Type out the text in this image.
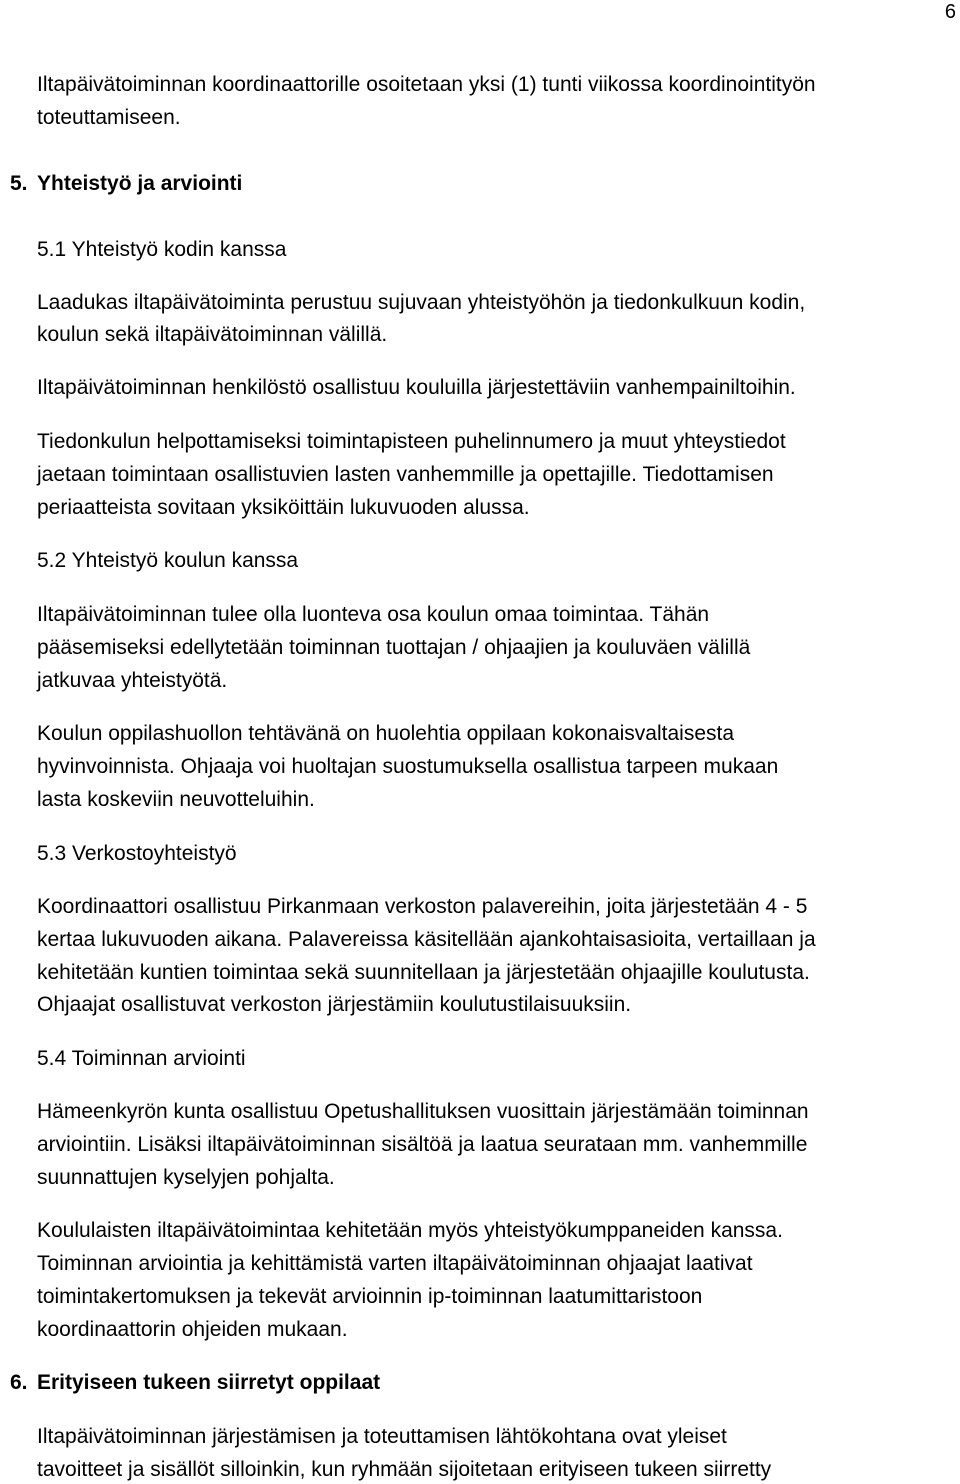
6
Iltapäivätoiminnan koordinaattorille osoitetaan yksi (1) tunti viikossa koordinointityön
toteuttamiseen.
5. Yhteistyö ja arviointi
5.1 Yhteistyö kodin kanssa
Laadukas iltapäivätoiminta perustuu sujuvaan yhteistyöhön ja tiedonkulkuun kodin,
koulun sekä iltapäivätoiminnan välillä.
Iltapäivätoiminnan henkilöstö osallistuu kouluilla järjestettäviin vanhempainiltoihin.
Tiedonkulun helpottamiseksi toimintapisteen puhelinnumero ja muut yhteystiedot
jaetaan toimintaan osallistuvien lasten vanhemmille ja opettajille. Tiedottamisen
periaatteista sovitaan yksiköittäin lukuvuoden alussa.
5.2 Yhteistyö koulun kanssa
Iltapäivätoiminnan tulee olla luonteva osa koulun omaa toimintaa. Tähän
pääsemiseksi edellytetään toiminnan tuottajan / ohjaajien ja kouluväen välillä
jatkuvaa yhteistyötä.
Koulun oppilashuollon tehtävänä on huolehtia oppilaan kokonaisvaltaisesta
hyvinvoinnista. Ohjaaja voi huoltajan suostumuksella osallistua tarpeen mukaan
lasta koskeviin neuvotteluihin.
5.3 Verkostoyhteistyö
Koordinaattori osallistuu Pirkanmaan verkoston palavereihin, joita järjestetään 4 - 5
kertaa lukuvuoden aikana. Palavereissa käsitellään ajankohtaisasioita, vertaillaan ja
kehitetään kuntien toimintaa sekä suunnitellaan ja järjestetään ohjaajille koulutusta.
Ohjaajat osallistuvat verkoston järjestämiin koulutustilaisuuksiin.
5.4 Toiminnan arviointi
Hämeenkyrön kunta osallistuu Opetushallituksen vuosittain järjestämään toiminnan
arviointiin. Lisäksi iltapäivätoiminnan sisältöä ja laatua seurataan mm. vanhemmille
suunnattujen kyselyjen pohjalta.
Koululaisten iltapäivätoimintaa kehitetään myös yhteistyökumppaneiden kanssa.
Toiminnan arviointia ja kehittämistä varten iltapäivätoiminnan ohjaajat laativat
toimintakertomuksen ja tekevät arvioinnin ip-toiminnan laatumittaristoon
koordinaattorin ohjeiden mukaan.
6. Erityiseen tukeen siirretyt oppilaat
Iltapäivätoiminnan järjestämisen ja toteuttamisen lähtökohtana ovat yleiset
tavoitteet ja sisällöt silloinkin, kun ryhmään sijoitetaan erityiseen tukeen siirretty
